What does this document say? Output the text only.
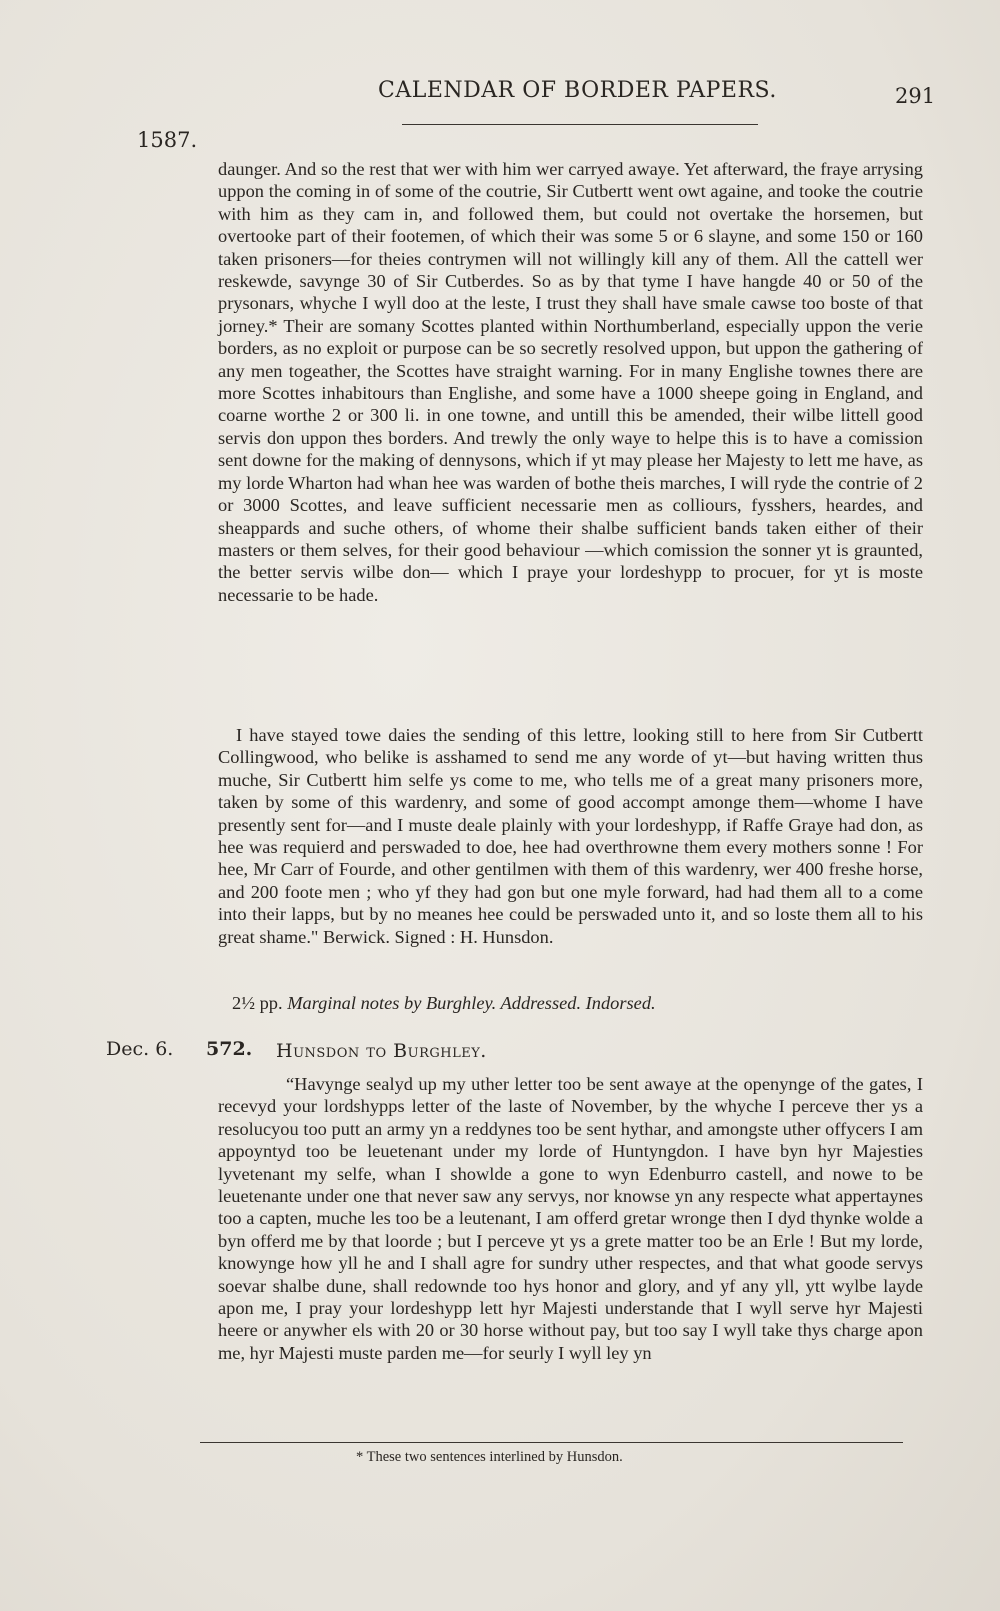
CALENDAR OF BORDER PAPERS.	291
1587.

daunger. And so the rest that wer with him wer carryed awaye. Yet afterward, the fraye arrysing uppon the coming in of some of the coutrie, Sir Cutbertt went owt againe, and tooke the coutrie with him as they cam in, and followed them, but could not overtake the horsemen, but overtooke part of their footemen, of which their was some 5 or 6 slayne, and some 150 or 160 taken prisoners—for theies contrymen will not willingly kill any of them. All the cattell wer reskewde, savynge 30 of Sir Cutberdes. So as by that tyme I have hangde 40 or 50 of the prysonars, whyche I wyll doo at the leste, I trust they shall have smale cawse too boste of that jorney.* Their are somany Scottes planted within Northumberland, especially uppon the verie borders, as no exploit or purpose can be so secretly resolved uppon, but uppon the gathering of any men togeather, the Scottes have straight warning. For in many Englishe townes there are more Scottes inhabitours than Englishe, and some have a 1000 sheepe going in England, and coarne worthe 2 or 300 li. in one towne, and untill this be amended, their wilbe littell good servis don uppon thes borders. And trewly the only waye to helpe this is to have a comission sent downe for the making of dennysons, which if yt may please her Majesty to lett me have, as my lorde Wharton had whan hee was warden of bothe theis marches, I will ryde the contrie of 2 or 3000 Scottes, and leave sufficient necessarie men as colliours, fysshers, heardes, and sheappards and suche others, of whome their shalbe sufficient bands taken either of their masters or them selves, for their good behaviour —which comission the sonner yt is graunted, the better servis wilbe don— which I praye your lordeshypp to procuer, for yt is moste necessarie to be hade.

I have stayed towe daies the sending of this lettre, looking still to here from Sir Cutbertt Collingwood, who belike is asshamed to send me any worde of yt—but having written thus muche, Sir Cutbertt him selfe ys come to me, who tells me of a great many prisoners more, taken by some of this wardenry, and some of good accompt amonge them—whome I have presently sent for—and I muste deale plainly with your lordeshypp, if Raffe Graye had don, as hee was requierd and perswaded to doe, hee had overthrowne them every mothers sonne ! For hee, Mr Carr of Fourde, and other gentilmen with them of this wardenry, wer 400 freshe horse, and 200 foote men ; who yf they had gon but one myle forward, had had them all to a come into their lapps, but by no meanes hee could be perswaded unto it, and so loste them all to his great shame." Berwick. Signed : H. Hunsdon.

2½ pp. Marginal notes by Burghley. Addressed. Indorsed.
Dec. 6. 572. Hunsdon to Burghley.

“Havynge sealyd up my uther letter too be sent awaye at the openynge of the gates, I recevyd your lordshypps letter of the laste of November, by the whyche I perceve ther ys a resolucyou too putt an army yn a reddynes too be sent hythar, and amongste uther offycers I am appoyntyd too be leuetenant under my lorde of Huntyngdon. I have byn hyr Majesties lyvetenant my selfe, whan I showlde a gone to wyn Edenburro castell, and nowe to be leuetenante under one that never saw any servys, nor knowse yn any respecte what appertaynes too a capten, muche les too be a leutenant, I am offerd gretar wronge then I dyd thynke wolde a byn offerd me by that loorde ; but I perceve yt ys a grete matter too be an Erle ! But my lorde, knowynge how yll he and I shall agre for sundry uther respectes, and that what goode servys soevar shalbe dune, shall redownde too hys honor and glory, and yf any yll, ytt wylbe layde apon me, I pray your lordeshypp lett hyr Majesti understande that I wyll serve hyr Majesti heere or anywher els with 20 or 30 horse without pay, but too say I wyll take thys charge apon me, hyr Majesti muste parden me—for seurly I wyll ley yn

* These two sentences interlined by Hunsdon.
